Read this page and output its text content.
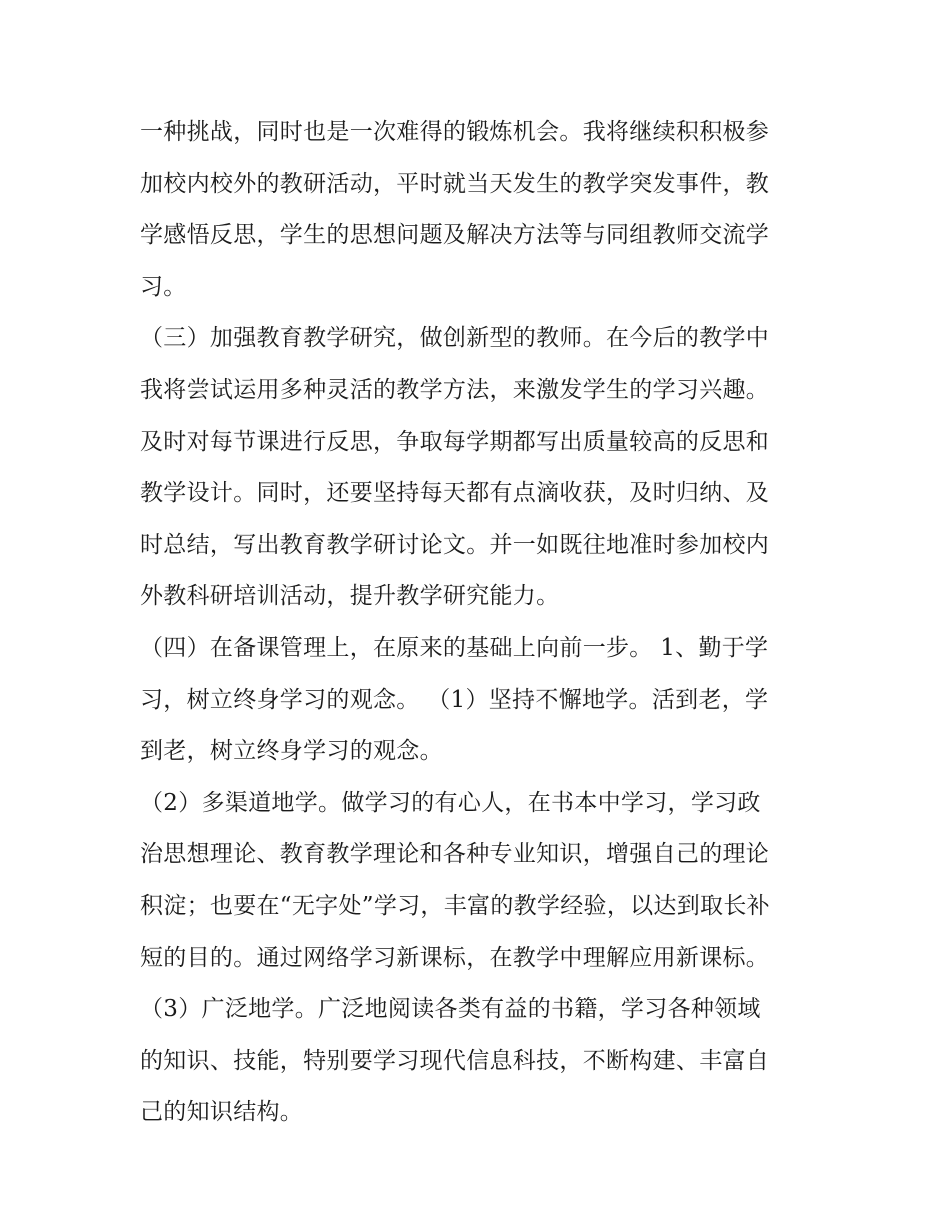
一种挑战，同时也是一次难得的锻炼机会。我将继续积积极参
加校内校外的教研活动，平时就当天发生的教学突发事件，教
学感悟反思，学生的思想问题及解决方法等与同组教师交流学
习。
（三）加强教育教学研究，做创新型的教师。在今后的教学中
我将尝试运用多种灵活的教学方法，来激发学生的学习兴趣。
及时对每节课进行反思，争取每学期都写出质量较高的反思和
教学设计。同时，还要坚持每天都有点滴收获，及时归纳、及
时总结，写出教育教学研讨论文。并一如既往地准时参加校内
外教科研培训活动，提升教学研究能力。
（四）在备课管理上，在原来的基础上向前一步。 1、勤于学
习，树立终身学习的观念。 （1）坚持不懈地学。活到老，学
到老，树立终身学习的观念。
（2）多渠道地学。做学习的有心人，在书本中学习，学习政
治思想理论、教育教学理论和各种专业知识，增强自己的理论
积淀；也要在“无字处”学习，丰富的教学经验，以达到取长补
短的目的。通过网络学习新课标，在教学中理解应用新课标。
（3）广泛地学。广泛地阅读各类有益的书籍，学习各种领域
的知识、技能，特别要学习现代信息科技，不断构建、丰富自
己的知识结构。
